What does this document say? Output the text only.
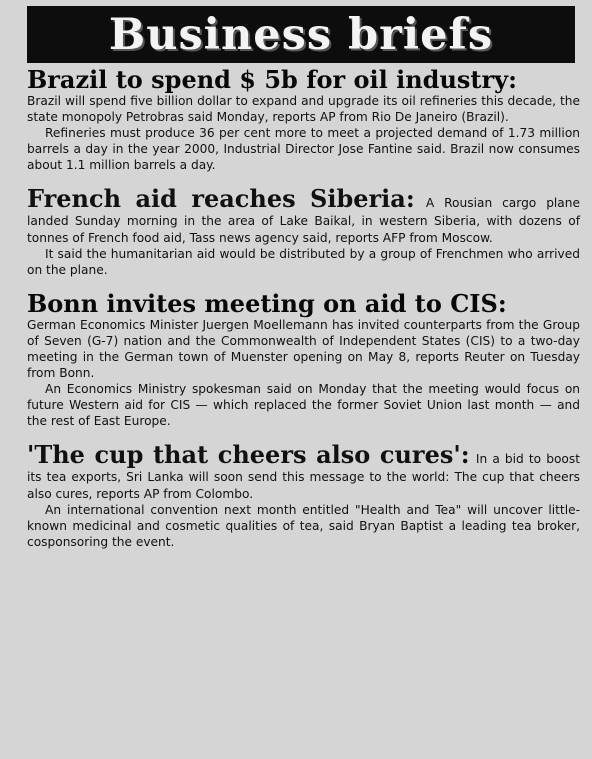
Business briefs
Brazil to spend $ 5b for oil industry:

Brazil will spend five billion dollar to expand and upgrade its oil refineries this decade, the state monopoly Petrobras said Monday, reports AP from Rio De Janeiro (Brazil).

Refineries must produce 36 per cent more to meet a projected demand of 1.73 million barrels a day in the year 2000, Industrial Director Jose Fantine said. Brazil now consumes about 1.1 million barrels a day.

French aid reaches Siberia: A Rousian cargo plane landed Sunday morning in the area of Lake Baikal, in western Siberia, with dozens of tonnes of French food aid, Tass news agency said, reports AFP from Moscow.

It said the humanitarian aid would be distributed by a group of Frenchmen who arrived on the plane.

Bonn invites meeting on aid to CIS:

German Economics Minister Juergen Moellemann has invited counterparts from the Group of Seven (G-7) nation and the Commonwealth of Independent States (CIS) to a two-day meeting in the German town of Muenster opening on May 8, reports Reuter on Tuesday from Bonn.

An Economics Ministry spokesman said on Monday that the meeting would focus on future Western aid for CIS — which replaced the former Soviet Union last month — and the rest of East Europe.

'The cup that cheers also cures': In a bid to boost its tea exports, Sri Lanka will soon send this message to the world: The cup that cheers also cures, reports AP from Colombo.

An international convention next month entitled "Health and Tea" will uncover little-known medicinal and cosmetic qualities of tea, said Bryan Baptist a leading tea broker, cosponsoring the event.
